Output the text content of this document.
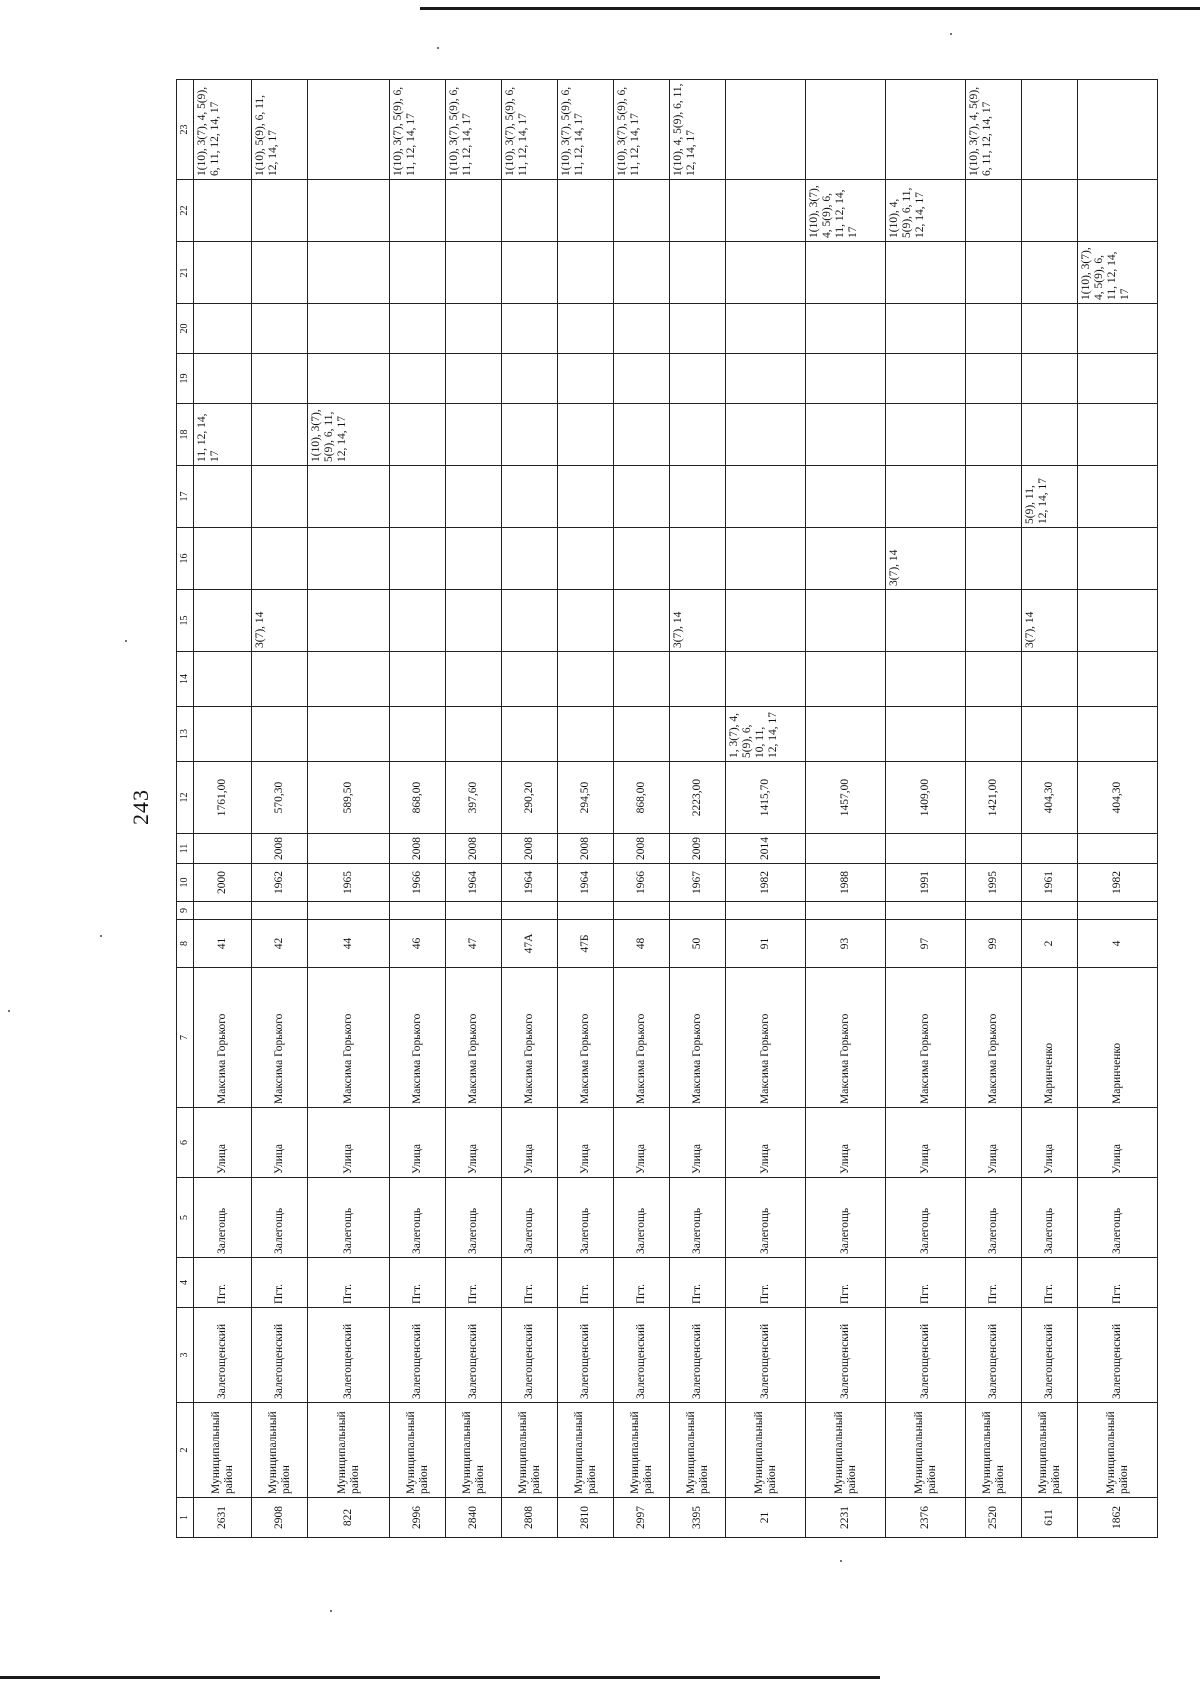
243
1	2	3	4	5	6	7	8	9	10	11	12	13	14	15	16	17	18	19	20	21	22	23
2631	Муниципальный район	Залегощенский	Пгт.	Залегощь	Улица	Максима Горького	41		2000		1761,00						11, 12, 14, 17					1(10), 3(7), 4, 5(9), 6, 11, 12, 14, 17
2908	Муниципальный район	Залегощенский	Пгт.	Залегощь	Улица	Максима Горького	42		1962	2008	570,30			3(7), 14								1(10), 5(9), 6, 11, 12, 14, 17
822	Муниципальный район	Залегощенский	Пгт.	Залегощь	Улица	Максима Горького	44		1965		589,50						1(10), 3(7), 5(9), 6, 11, 12, 14, 17					
2996	Муниципальный район	Залегощенский	Пгт.	Залегощь	Улица	Максима Горького	46		1966	2008	868,00											1(10), 3(7), 5(9), 6, 11, 12, 14, 17
2840	Муниципальный район	Залегощенский	Пгт.	Залегощь	Улица	Максима Горького	47		1964	2008	397,60											1(10), 3(7), 5(9), 6, 11, 12, 14, 17
2808	Муниципальный район	Залегощенский	Пгт.	Залегощь	Улица	Максима Горького	47А		1964	2008	290,20											1(10), 3(7), 5(9), 6, 11, 12, 14, 17
2810	Муниципальный район	Залегощенский	Пгт.	Залегощь	Улица	Максима Горького	47Б		1964	2008	294,50											1(10), 3(7), 5(9), 6, 11, 12, 14, 17
2997	Муниципальный район	Залегощенский	Пгт.	Залегощь	Улица	Максима Горького	48		1966	2008	868,00											1(10), 3(7), 5(9), 6, 11, 12, 14, 17
3395	Муниципальный район	Залегощенский	Пгт.	Залегощь	Улица	Максима Горького	50		1967	2009	2223,00			3(7), 14								1(10), 4, 5(9), 6, 11, 12, 14, 17
21	Муниципальный район	Залегощенский	Пгт.	Залегощь	Улица	Максима Горького	91		1982	2014	1415,70	1, 3(7), 4, 5(9), 6, 10, 11, 12, 14, 17										
2231	Муниципальный район	Залегощенский	Пгт.	Залегощь	Улица	Максима Горького	93		1988		1457,00										1(10), 3(7), 4, 5(9), 6, 11, 12, 14, 17	
2376	Муниципальный район	Залегощенский	Пгт.	Залегощь	Улица	Максима Горького	97		1991		1409,00				3(7), 14						1(10), 4, 5(9), 6, 11, 12, 14, 17	
2520	Муниципальный район	Залегощенский	Пгт.	Залегощь	Улица	Максима Горького	99		1995		1421,00											1(10), 3(7), 4, 5(9), 6, 11, 12, 14, 17
611	Муниципальный район	Залегощенский	Пгт.	Залегощь	Улица	Маринченко	2		1961		404,30			3(7), 14		5(9), 11, 12, 14, 17						
1862	Муниципальный район	Залегощенский	Пгт.	Залегощь	Улица	Маринченко	4		1982		404,30									1(10), 3(7), 4, 5(9), 6, 11, 12, 14, 17		
